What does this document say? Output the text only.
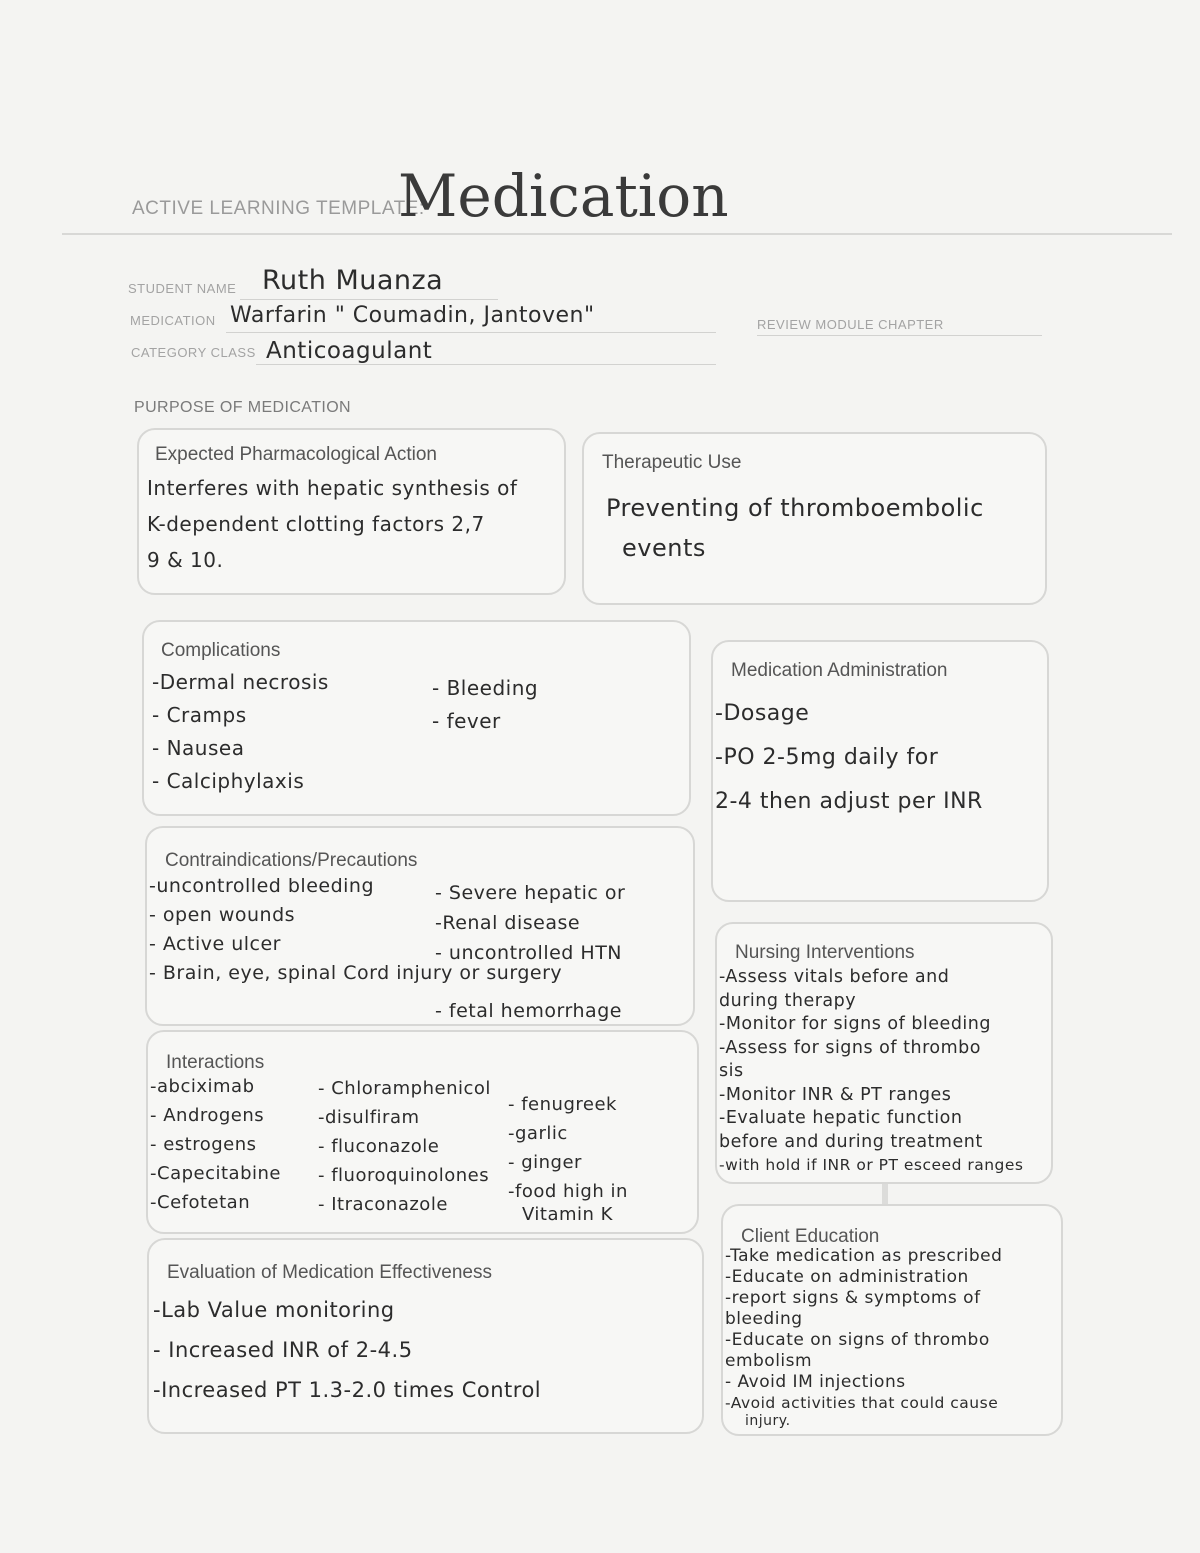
ACTIVE LEARNING TEMPLATE:
Medication
STUDENT NAME Ruth Muanza
MEDICATION Warfarin " Coumadin, Jantoven"	REVIEW MODULE CHAPTER
CATEGORY CLASS Anticoagulant
PURPOSE OF MEDICATION
Expected Pharmacological Action
Interferes with hepatic synthesis of
K-dependent clotting factors 2,7
9 & 10.
Therapeutic Use
Preventing of thromboembolic
events
Complications
-Dermal necrosis
- Cramps
- Nausea
- Calciphylaxis
- Bleeding
- fever
Medication Administration
-Dosage
-PO 2-5mg daily for
2-4 then adjust per INR
Contraindications/Precautions
-uncontrolled bleeding
- open wounds
- Active ulcer
- Brain, eye, spinal Cord injury or surgery
- Severe hepatic or
-Renal disease
- uncontrolled HTN
- fetal hemorrhage
Nursing Interventions
-Assess vitals before and
during therapy
-Monitor for signs of bleeding
-Assess for signs of thrombo
sis
-Monitor INR & PT ranges
-Evaluate hepatic function
before and during treatment
-with hold if INR or PT esceed ranges
Interactions
-abciximab
- Androgens
- estrogens
-Capecitabine
-Cefotetan
- Chloramphenicol
-disulfiram
- fluconazole
- fluoroquinolones
- Itraconazole
- fenugreek
-garlic
- ginger
-food high in
Vitamin K
Evaluation of Medication Effectiveness
-Lab Value monitoring
- Increased INR of 2-4.5
-Increased PT 1.3-2.0 times Control
Client Education
-Take medication as prescribed
-Educate on administration
-report signs & symptoms of
bleeding
-Educate on signs of thrombo
embolism
- Avoid IM injections
-Avoid activities that could cause
injury.
